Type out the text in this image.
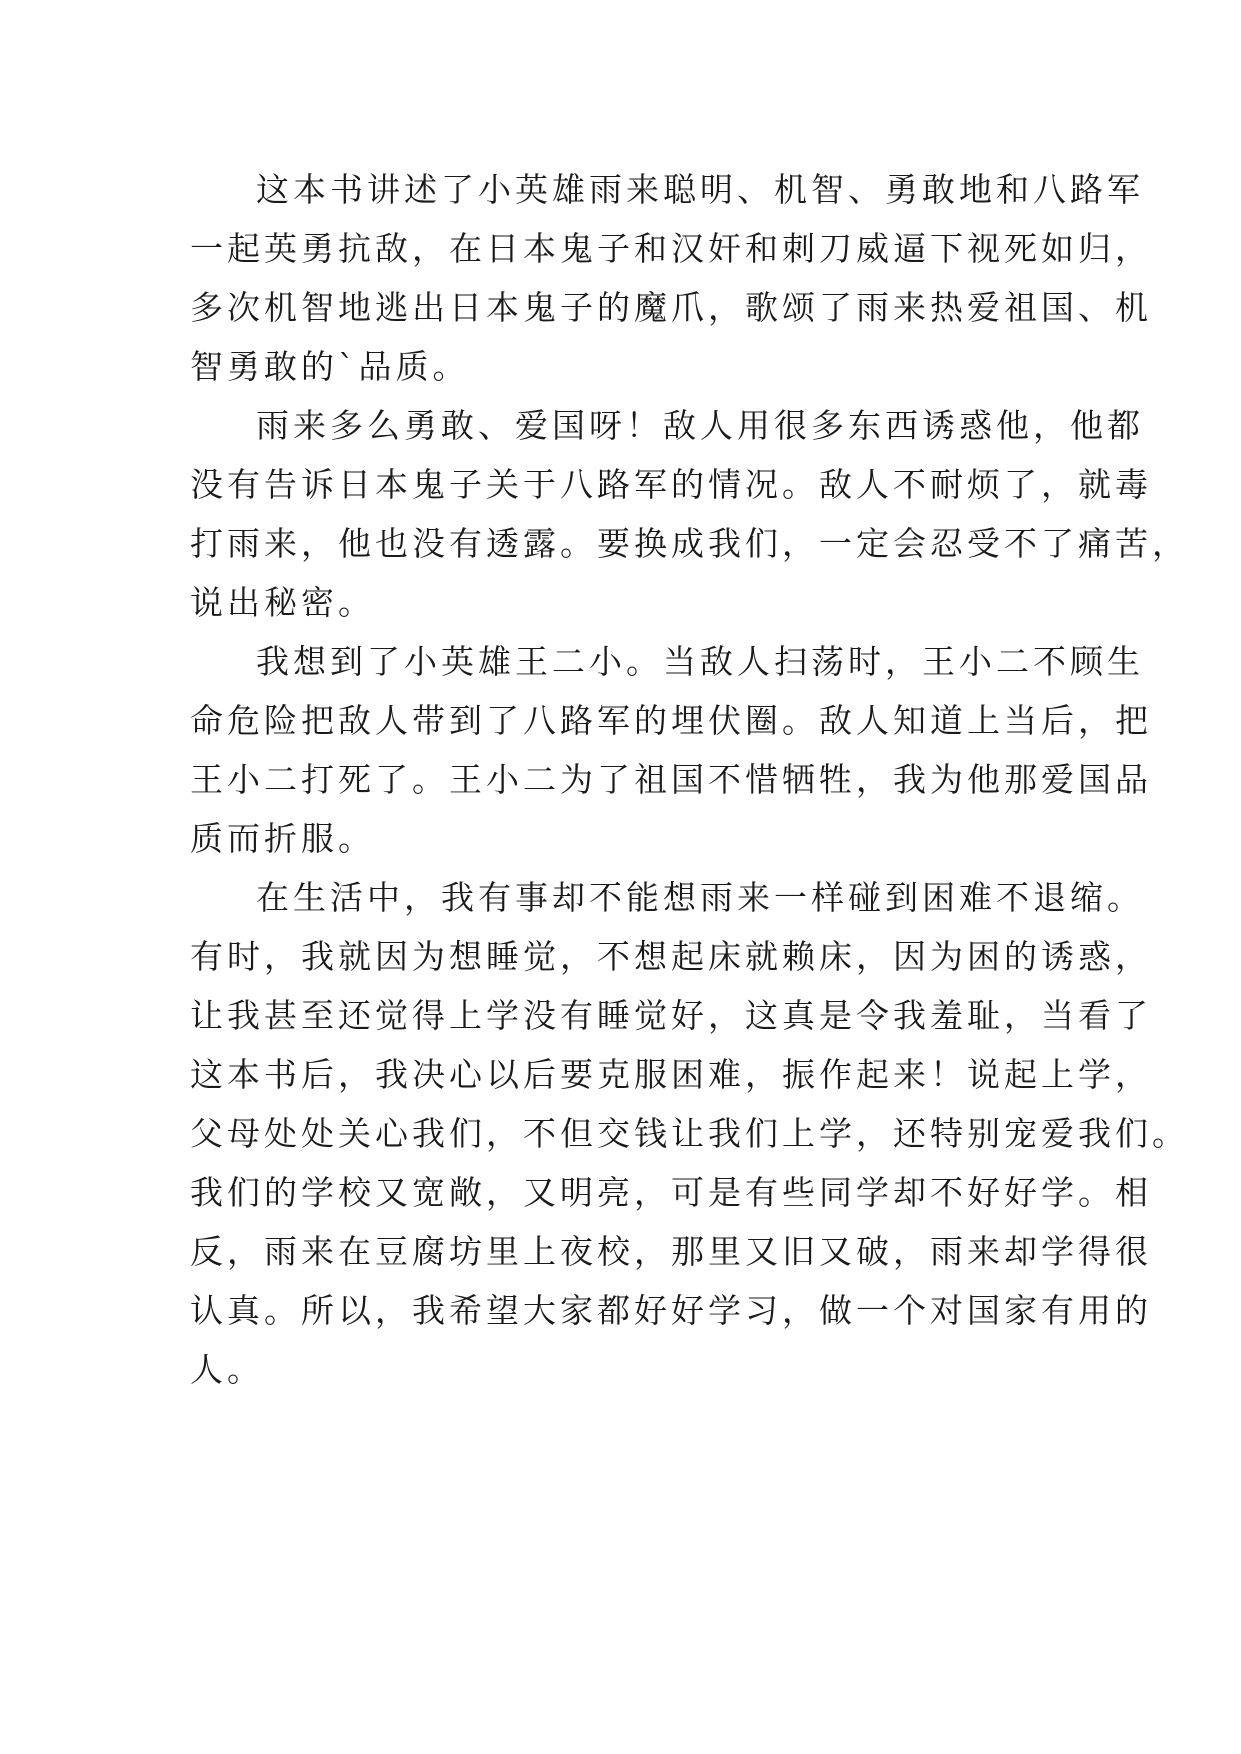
这本书讲述了小英雄雨来聪明、机智、勇敢地和八路军
一起英勇抗敌，在日本鬼子和汉奸和刺刀威逼下视死如归，
多次机智地逃出日本鬼子的魔爪，歌颂了雨来热爱祖国、机
智勇敢的`品质。
雨来多么勇敢、爱国呀！敌人用很多东西诱惑他，他都
没有告诉日本鬼子关于八路军的情况。敌人不耐烦了，就毒
打雨来，他也没有透露。要换成我们，一定会忍受不了痛苦，
说出秘密。
我想到了小英雄王二小。当敌人扫荡时，王小二不顾生
命危险把敌人带到了八路军的埋伏圈。敌人知道上当后，把
王小二打死了。王小二为了祖国不惜牺牲，我为他那爱国品
质而折服。
在生活中，我有事却不能想雨来一样碰到困难不退缩。
有时，我就因为想睡觉，不想起床就赖床，因为困的诱惑，
让我甚至还觉得上学没有睡觉好，这真是令我羞耻，当看了
这本书后，我决心以后要克服困难，振作起来！说起上学，
父母处处关心我们，不但交钱让我们上学，还特别宠爱我们。
我们的学校又宽敞，又明亮，可是有些同学却不好好学。相
反，雨来在豆腐坊里上夜校，那里又旧又破，雨来却学得很
认真。所以，我希望大家都好好学习，做一个对国家有用的
人。
